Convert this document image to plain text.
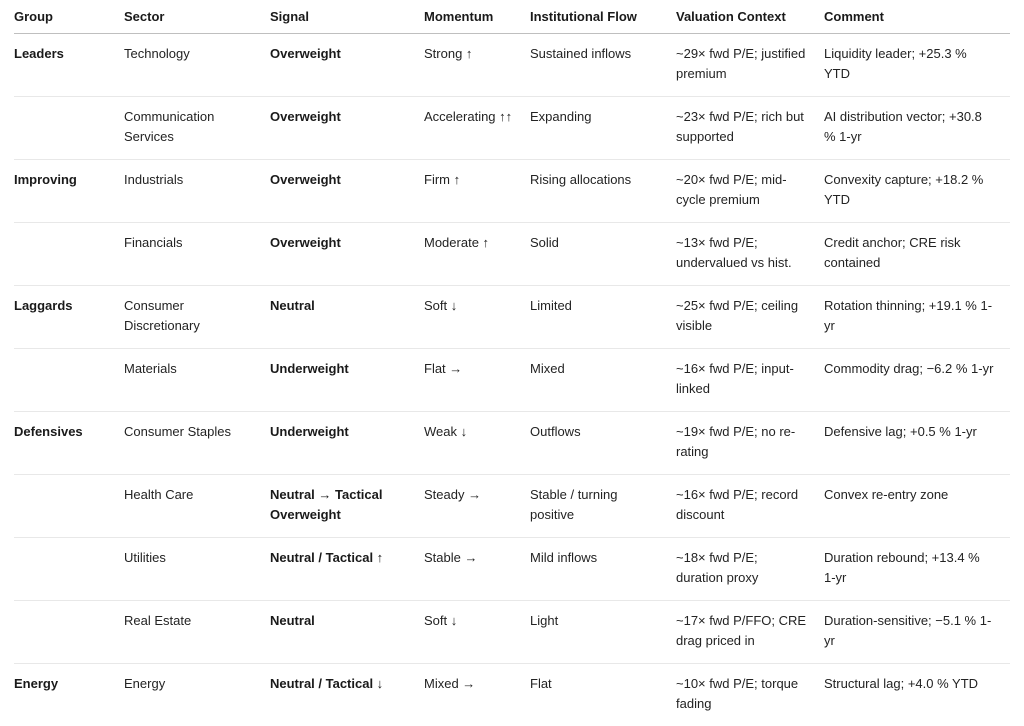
Group	Sector	Signal	Momentum	Institutional Flow	Valuation Context	Comment
Leaders	Technology	Overweight	Strong ↑	Sustained inflows	~29× fwd P/E; justified premium	Liquidity leader; +25.3 % YTD
	Communication Services	Overweight	Accelerating ↑↑	Expanding	~23× fwd P/E; rich but supported	AI distribution vector; +30.8 % 1-yr
Improving	Industrials	Overweight	Firm ↑	Rising allocations	~20× fwd P/E; mid-cycle premium	Convexity capture; +18.2 % YTD
	Financials	Overweight	Moderate ↑	Solid	~13× fwd P/E; undervalued vs hist.	Credit anchor; CRE risk contained
Laggards	Consumer Discretionary	Neutral	Soft ↓	Limited	~25× fwd P/E; ceiling visible	Rotation thinning; +19.1 % 1-yr
	Materials	Underweight	Flat →	Mixed	~16× fwd P/E; input-linked	Commodity drag; −6.2 % 1-yr
Defensives	Consumer Staples	Underweight	Weak ↓	Outflows	~19× fwd P/E; no re-rating	Defensive lag; +0.5 % 1-yr
	Health Care	Neutral → Tactical Overweight	Steady →	Stable / turning positive	~16× fwd P/E; record discount	Convex re-entry zone
	Utilities	Neutral / Tactical ↑	Stable →	Mild inflows	~18× fwd P/E; duration proxy	Duration rebound; +13.4 % 1-yr
	Real Estate	Neutral	Soft ↓	Light	~17× fwd P/FFO; CRE drag priced in	Duration-sensitive; −5.1 % 1-yr
Energy	Energy	Neutral / Tactical ↓	Mixed →	Flat	~10× fwd P/E; torque fading	Structural lag; +4.0 % YTD
